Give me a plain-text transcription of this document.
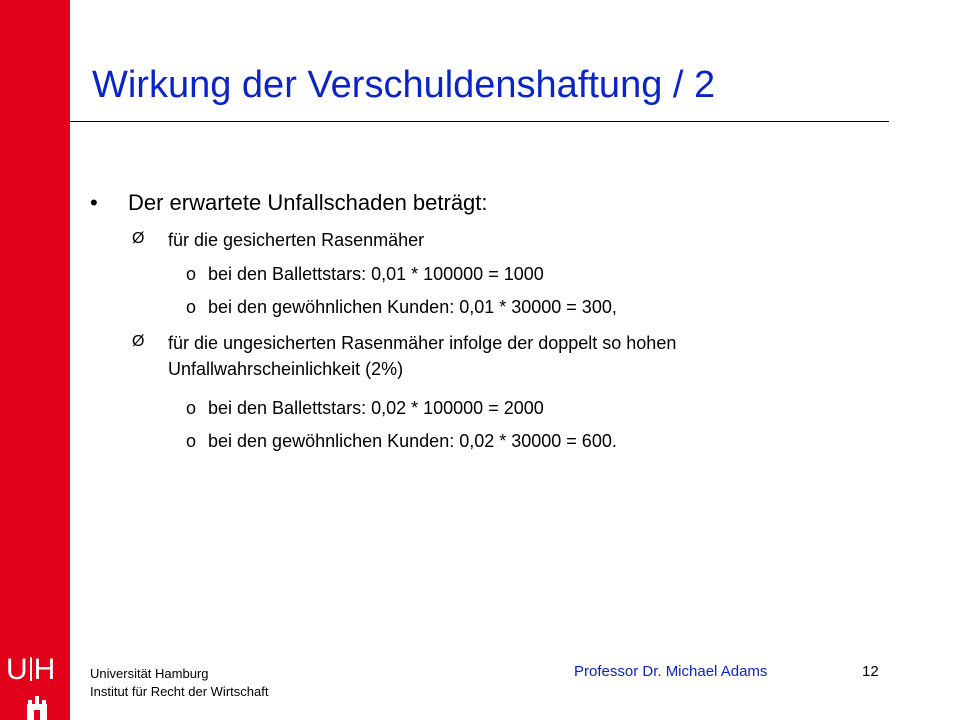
U H
Wirkung der Verschuldenshaftung / 2
• Der erwartete Unfallschaden beträgt:
Ø	für die gesicherten Rasenmäher
o bei den Ballettstars: 0,01 * 100000 = 1000
o bei den gewöhnlichen Kunden: 0,01 * 30000 = 300,
Ø	für die ungesicherten Rasenmäher infolge der doppelt so hohen
Unfallwahrscheinlichkeit (2%)
o bei den Ballettstars: 0,02 * 100000 = 2000
o bei den gewöhnlichen Kunden: 0,02 * 30000 = 600.
Universität Hamburg
Institut für Recht der Wirtschaft
Professor Dr. Michael Adams	12
